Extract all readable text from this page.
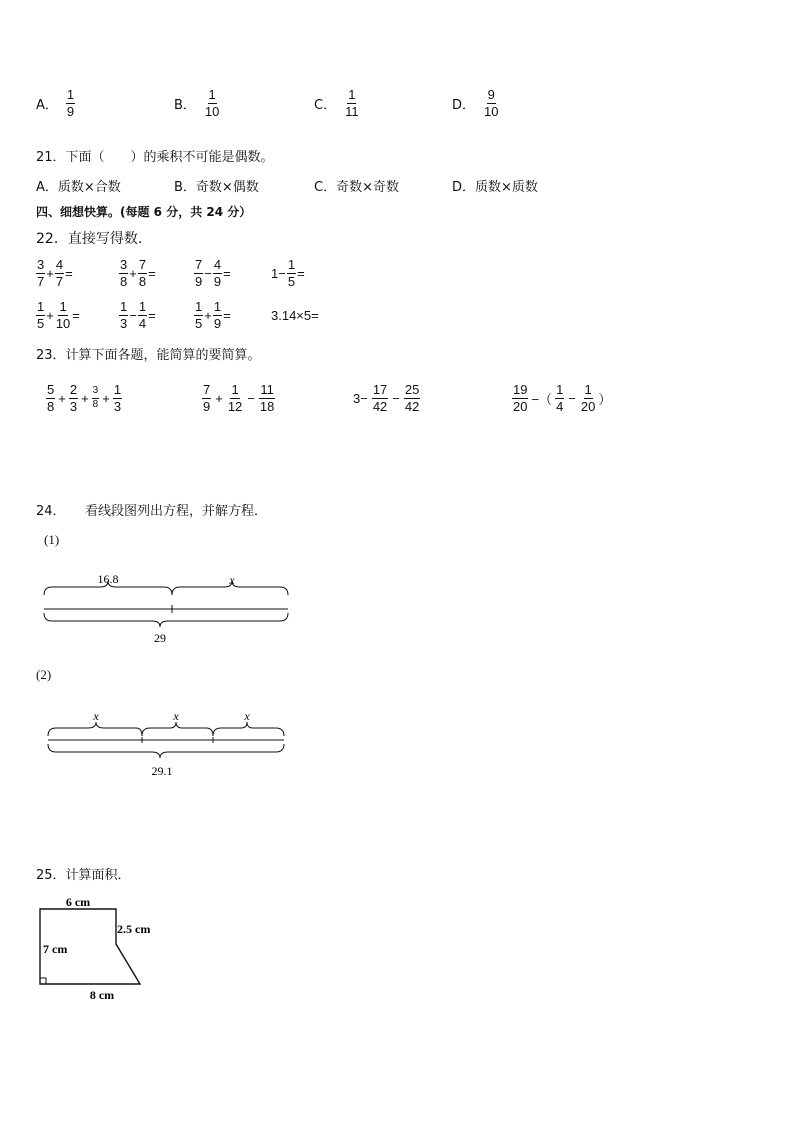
A． $\frac{1}{9}$	B． $\frac{1}{10}$	C． $\frac{1}{11}$	D． $\frac{9}{10}$
21．下面（　　）的乘积不可能是偶数。
A．质数×合数	B．奇数×偶数	C．奇数×奇数	D．质数×质数
四、细想快算。(每题 6 分，共 24 分）
22．直接写得数.
$\frac{3}{7} + \frac{4}{7}$ =	$\frac{3}{8} + \frac{7}{8}$ =	$\frac{7}{9} - \frac{4}{9}$ =	$1- \frac{1}{5}$ =
$\frac{1}{5} + \frac{1}{10}$ =	$\frac{1}{3} - \frac{1}{4}$ =	$\frac{1}{5} + \frac{1}{9}$ =	3.14×5=
23．计算下面各题，能简算的要简算。
$\frac{5}{8} + \frac{2}{3} + \frac{3}{8} + \frac{1}{3}$	$\frac{7}{9} + \frac{1}{12} - \frac{11}{18}$	$3- \frac{17}{42} - \frac{25}{42}$	$\frac{19}{20}$ −（ $\frac{1}{4} - \frac{1}{20}$ ）
24．　　看线段图列出方程，并解方程．
(1)
16.8	x
29
(2)
x	x	x
29.1
25．计算面积．
6 cm
2.5 cm
7 cm
8 cm
